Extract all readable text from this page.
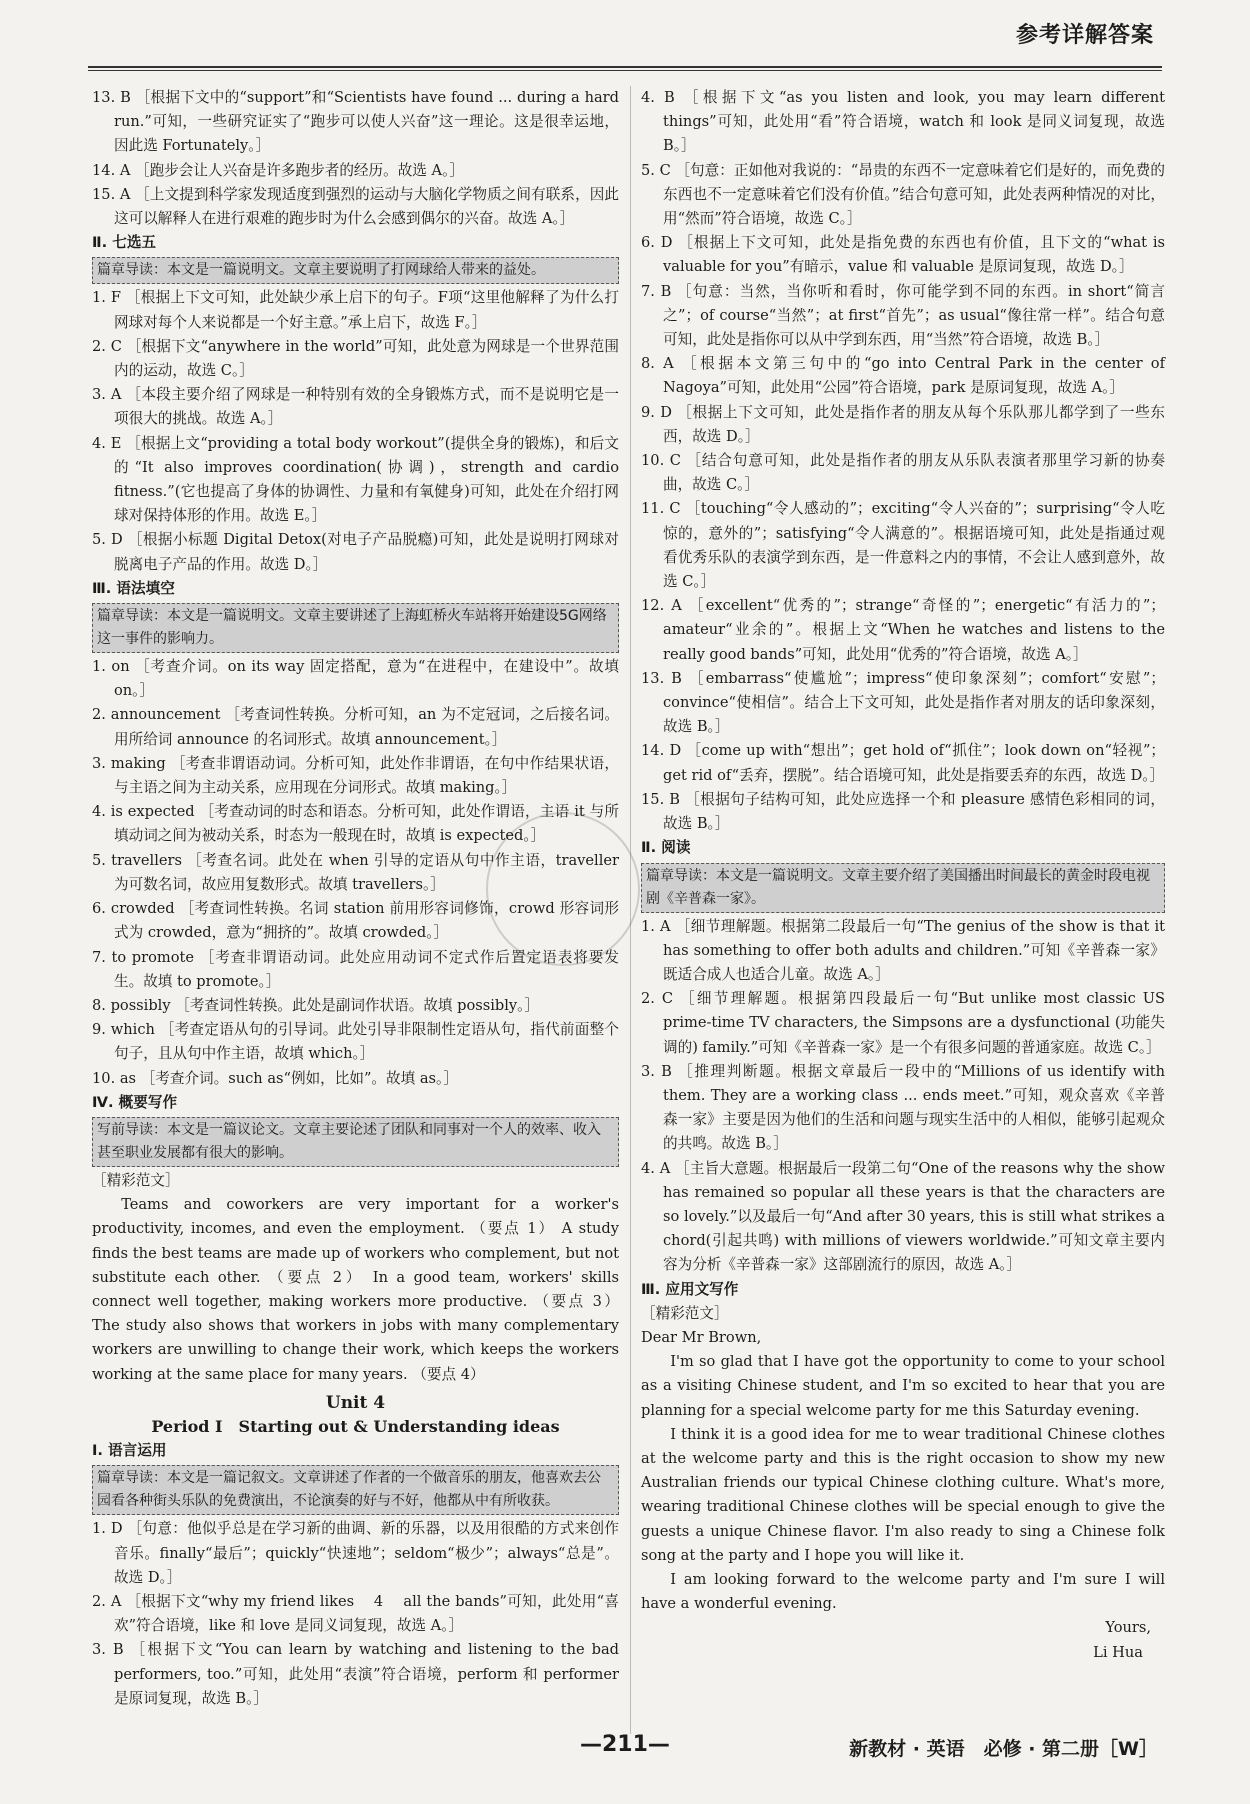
参考详解答案
13. B ［根据下文中的“support”和“Scientists have found ... during a hard run.”可知，一些研究证实了“跑步可以使人兴奋”这一理论。这是很幸运地，因此选 Fortunately。］
14. A ［跑步会让人兴奋是许多跑步者的经历。故选 A。］
15. A ［上文提到科学家发现适度到强烈的运动与大脑化学物质之间有联系，因此这可以解释人在进行艰难的跑步时为什么会感到偶尔的兴奋。故选 A。］
Ⅱ. 七选五
篇章导读：本文是一篇说明文。文章主要说明了打网球给人带来的益处。
1. F ［根据上下文可知，此处缺少承上启下的句子。F项“这里他解释了为什么打网球对每个人来说都是一个好主意。”承上启下，故选 F。］
2. C ［根据下文“anywhere in the world”可知，此处意为网球是一个世界范围内的运动，故选 C。］
3. A ［本段主要介绍了网球是一种特别有效的全身锻炼方式，而不是说明它是一项很大的挑战。故选 A。］
4. E ［根据上文“providing a total body workout”(提供全身的锻炼)，和后文的“It also improves coordination(协调)，strength and cardio fitness.”(它也提高了身体的协调性、力量和有氧健身)可知，此处在介绍打网球对保持体形的作用。故选 E。］
5. D ［根据小标题 Digital Detox(对电子产品脱瘾)可知，此处是说明打网球对脱离电子产品的作用。故选 D。］
Ⅲ. 语法填空
篇章导读：本文是一篇说明文。文章主要讲述了上海虹桥火车站将开始建设5G网络这一事件的影响力。
1. on ［考查介词。on its way 固定搭配，意为“在进程中，在建设中”。故填 on。］
2. announcement ［考查词性转换。分析可知，an 为不定冠词，之后接名词。用所给词 announce 的名词形式。故填 announcement。］
3. making ［考查非谓语动词。分析可知，此处作非谓语，在句中作结果状语，与主语之间为主动关系，应用现在分词形式。故填 making。］
4. is expected ［考查动词的时态和语态。分析可知，此处作谓语，主语 it 与所填动词之间为被动关系，时态为一般现在时，故填 is expected。］
5. travellers ［考查名词。此处在 when 引导的定语从句中作主语，traveller 为可数名词，故应用复数形式。故填 travellers。］
6. crowded ［考查词性转换。名词 station 前用形容词修饰，crowd 形容词形式为 crowded，意为“拥挤的”。故填 crowded。］
7. to promote ［考查非谓语动词。此处应用动词不定式作后置定语表将要发生。故填 to promote。］
8. possibly ［考查词性转换。此处是副词作状语。故填 possibly。］
9. which ［考查定语从句的引导词。此处引导非限制性定语从句，指代前面整个句子，且从句中作主语，故填 which。］
10. as ［考查介词。such as“例如，比如”。故填 as。］
Ⅳ. 概要写作
写前导读：本文是一篇议论文。文章主要论述了团队和同事对一个人的效率、收入甚至职业发展都有很大的影响。
［精彩范文］

Teams and coworkers are very important for a worker's productivity, incomes, and even the employment. （要点 1） A study finds the best teams are made up of workers who complement, but not substitute each other. （要点 2） In a good team, workers' skills connect well together, making workers more productive. （要点 3） The study also shows that workers in jobs with many complementary workers are unwilling to change their work, which keeps the workers working at the same place for many years. （要点 4）

Unit 4
Period Ⅰ　Starting out & Understanding ideas
Ⅰ. 语言运用
篇章导读：本文是一篇记叙文。文章讲述了作者的一个做音乐的朋友，他喜欢去公园看各种街头乐队的免费演出，不论演奏的好与不好，他都从中有所收获。
1. D ［句意：他似乎总是在学习新的曲调、新的乐器，以及用很酷的方式来创作音乐。finally“最后”；quickly“快速地”；seldom“极少”；always“总是”。故选 D。］
2. A ［根据下文“why my friend likes 　4　 all the bands”可知，此处用“喜欢”符合语境，like 和 love 是同义词复现，故选 A。］
3. B ［根据下文“You can learn by watching and listening to the bad performers, too.”可知，此处用“表演”符合语境，perform 和 performer 是原词复现，故选 B。］
4. B ［根据下文“as you listen and look, you may learn different things”可知，此处用“看”符合语境，watch 和 look 是同义词复现，故选 B。］
5. C ［句意：正如他对我说的：“昂贵的东西不一定意味着它们是好的，而免费的东西也不一定意味着它们没有价值。”结合句意可知，此处表两种情况的对比，用“然而”符合语境，故选 C。］
6. D ［根据上下文可知，此处是指免费的东西也有价值，且下文的“what is valuable for you”有暗示，value 和 valuable 是原词复现，故选 D。］
7. B ［句意：当然，当你听和看时，你可能学到不同的东西。in short“简言之”；of course“当然”；at first“首先”；as usual“像往常一样”。结合句意可知，此处是指你可以从中学到东西，用“当然”符合语境，故选 B。］
8. A ［根据本文第三句中的“go into Central Park in the center of Nagoya”可知，此处用“公园”符合语境，park 是原词复现，故选 A。］
9. D ［根据上下文可知，此处是指作者的朋友从每个乐队那儿都学到了一些东西，故选 D。］
10. C ［结合句意可知，此处是指作者的朋友从乐队表演者那里学习新的协奏曲，故选 C。］
11. C ［touching“令人感动的”；exciting“令人兴奋的”；surprising“令人吃惊的，意外的”；satisfying“令人满意的”。根据语境可知，此处是指通过观看优秀乐队的表演学到东西，是一件意料之内的事情，不会让人感到意外，故选 C。］
12. A ［excellent“优秀的”；strange“奇怪的”；energetic“有活力的”；amateur“业余的”。根据上文“When he watches and listens to the really good bands”可知，此处用“优秀的”符合语境，故选 A。］
13. B ［embarrass“使尴尬”；impress“使印象深刻”；comfort“安慰”；convince“使相信”。结合上下文可知，此处是指作者对朋友的话印象深刻，故选 B。］
14. D ［come up with“想出”；get hold of“抓住”；look down on“轻视”；get rid of“丢弃，摆脱”。结合语境可知，此处是指要丢弃的东西，故选 D。］
15. B ［根据句子结构可知，此处应选择一个和 pleasure 感情色彩相同的词，故选 B。］
Ⅱ. 阅读
篇章导读：本文是一篇说明文。文章主要介绍了美国播出时间最长的黄金时段电视剧《辛普森一家》。
1. A ［细节理解题。根据第二段最后一句“The genius of the show is that it has something to offer both adults and children.”可知《辛普森一家》既适合成人也适合儿童。故选 A。］
2. C ［细节理解题。根据第四段最后一句“But unlike most classic US prime-time TV characters, the Simpsons are a dysfunctional (功能失调的) family.”可知《辛普森一家》是一个有很多问题的普通家庭。故选 C。］
3. B ［推理判断题。根据文章最后一段中的“Millions of us identify with them. They are a working class ... ends meet.”可知，观众喜欢《辛普森一家》主要是因为他们的生活和问题与现实生活中的人相似，能够引起观众的共鸣。故选 B。］
4. A ［主旨大意题。根据最后一段第二句“One of the reasons why the show has remained so popular all these years is that the characters are so lovely.”以及最后一句“And after 30 years, this is still what strikes a chord(引起共鸣) with millions of viewers worldwide.”可知文章主要内容为分析《辛普森一家》这部剧流行的原因，故选 A。］
Ⅲ. 应用文写作
［精彩范文］

Dear Mr Brown,

I'm so glad that I have got the opportunity to come to your school as a visiting Chinese student, and I'm so excited to hear that you are planning for a special welcome party for me this Saturday evening.

I think it is a good idea for me to wear traditional Chinese clothes at the welcome party and this is the right occasion to show my new Australian friends our typical Chinese clothing culture. What's more, wearing traditional Chinese clothes will be special enough to give the guests a unique Chinese flavor. I'm also ready to sing a Chinese folk song at the party and I hope you will like it.

I am looking forward to the welcome party and I'm sure I will have a wonderful evening.

Yours,
Li Hua
—211—	新教材 · 英语　必修 · 第二册［W］
